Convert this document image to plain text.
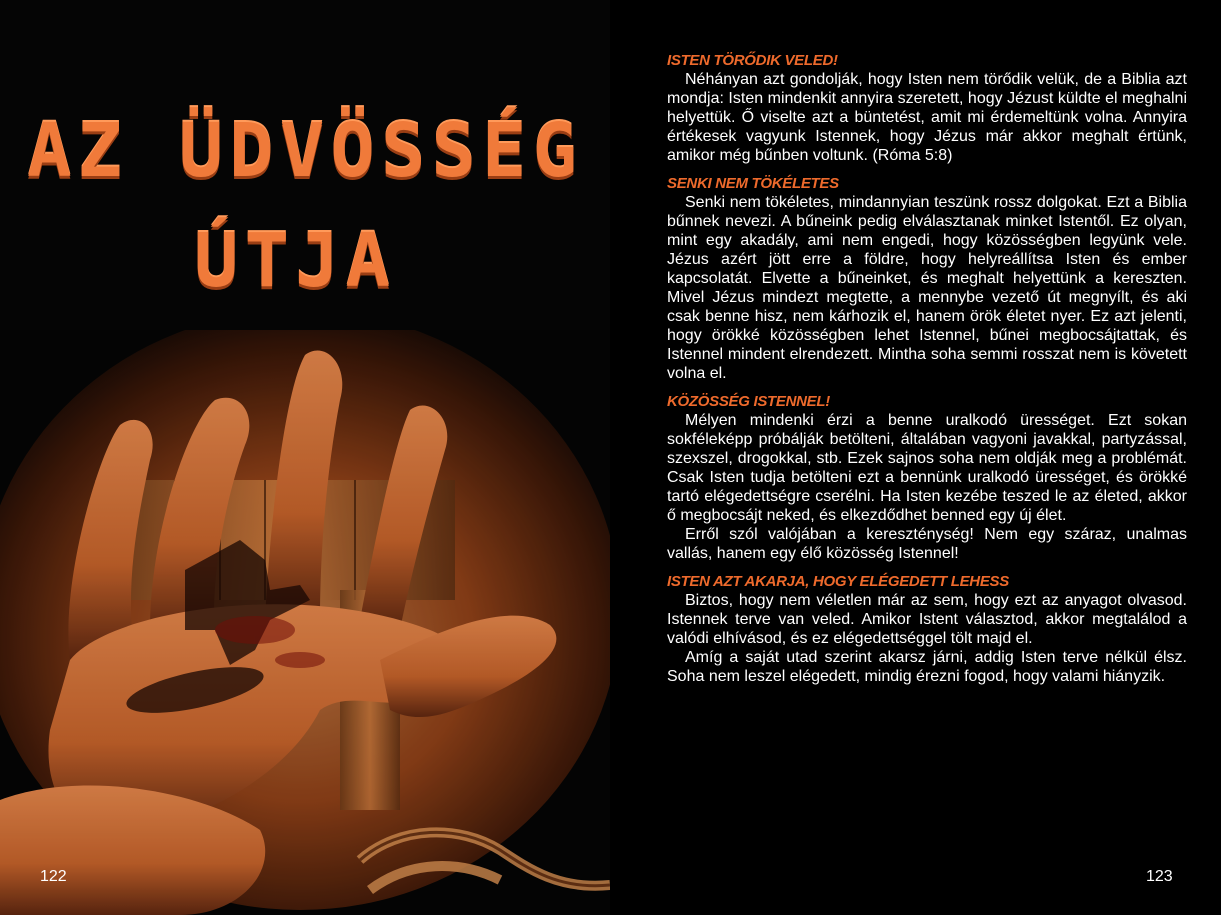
AZ ÜDVÖSSÉG
ÚTJA
122

ISTEN TÖRŐDIK VELED!

Néhányan azt gondolják, hogy Isten nem törődik velük, de a Biblia azt mondja: Isten mindenkit annyira szeretett, hogy Jézust küldte el meghalni helyettük. Ő viselte azt a büntetést, amit mi érdemeltünk volna. Annyira értékesek vagyunk Istennek, hogy Jézus már akkor meghalt értünk, amikor még bűnben voltunk. (Róma 5:8)

SENKI NEM TÖKÉLETES

Senki nem tökéletes, mindannyian teszünk rossz dolgokat. Ezt a Biblia bűnnek nevezi. A bűneink pedig elválasztanak minket Istentől. Ez olyan, mint egy akadály, ami nem engedi, hogy közösségben legyünk vele. Jézus azért jött erre a földre, hogy helyreállítsa Isten és ember kapcsolatát. Elvette a bűneinket, és meghalt helyettünk a kereszten. Mivel Jézus mindezt megtette, a mennybe vezető út megnyílt, és aki csak benne hisz, nem kárhozik el, hanem örök életet nyer. Ez azt jelenti, hogy örökké közösségben lehet Istennel, bűnei megbocsájtattak, és Istennel mindent elrendezett. Mintha soha semmi rosszat nem is követett volna el.

KÖZÖSSÉG ISTENNEL!

Mélyen mindenki érzi a benne uralkodó ürességet. Ezt sokan sokféleképp próbálják betölteni, általában vagyoni javakkal, partyzással, szexszel, drogokkal, stb. Ezek sajnos soha nem oldják meg a problémát. Csak Isten tudja betölteni ezt a bennünk uralkodó ürességet, és örökké tartó elégedettségre cserélni. Ha Isten kezébe teszed le az életed, akkor ő megbocsájt neked, és elkezdődhet benned egy új élet.

Erről szól valójában a kereszténység! Nem egy száraz, unalmas vallás, hanem egy élő közösség Istennel!

ISTEN AZT AKARJA, HOGY ELÉGEDETT LEHESS

Biztos, hogy nem véletlen már az sem, hogy ezt az anyagot olvasod. Istennek terve van veled. Amikor Istent választod, akkor megtalálod a valódi elhívásod, és ez elégedettséggel tölt majd el.

Amíg a saját utad szerint akarsz járni, addig Isten terve nélkül élsz. Soha nem leszel elégedett, mindig érezni fogod, hogy valami hiányzik.

123
